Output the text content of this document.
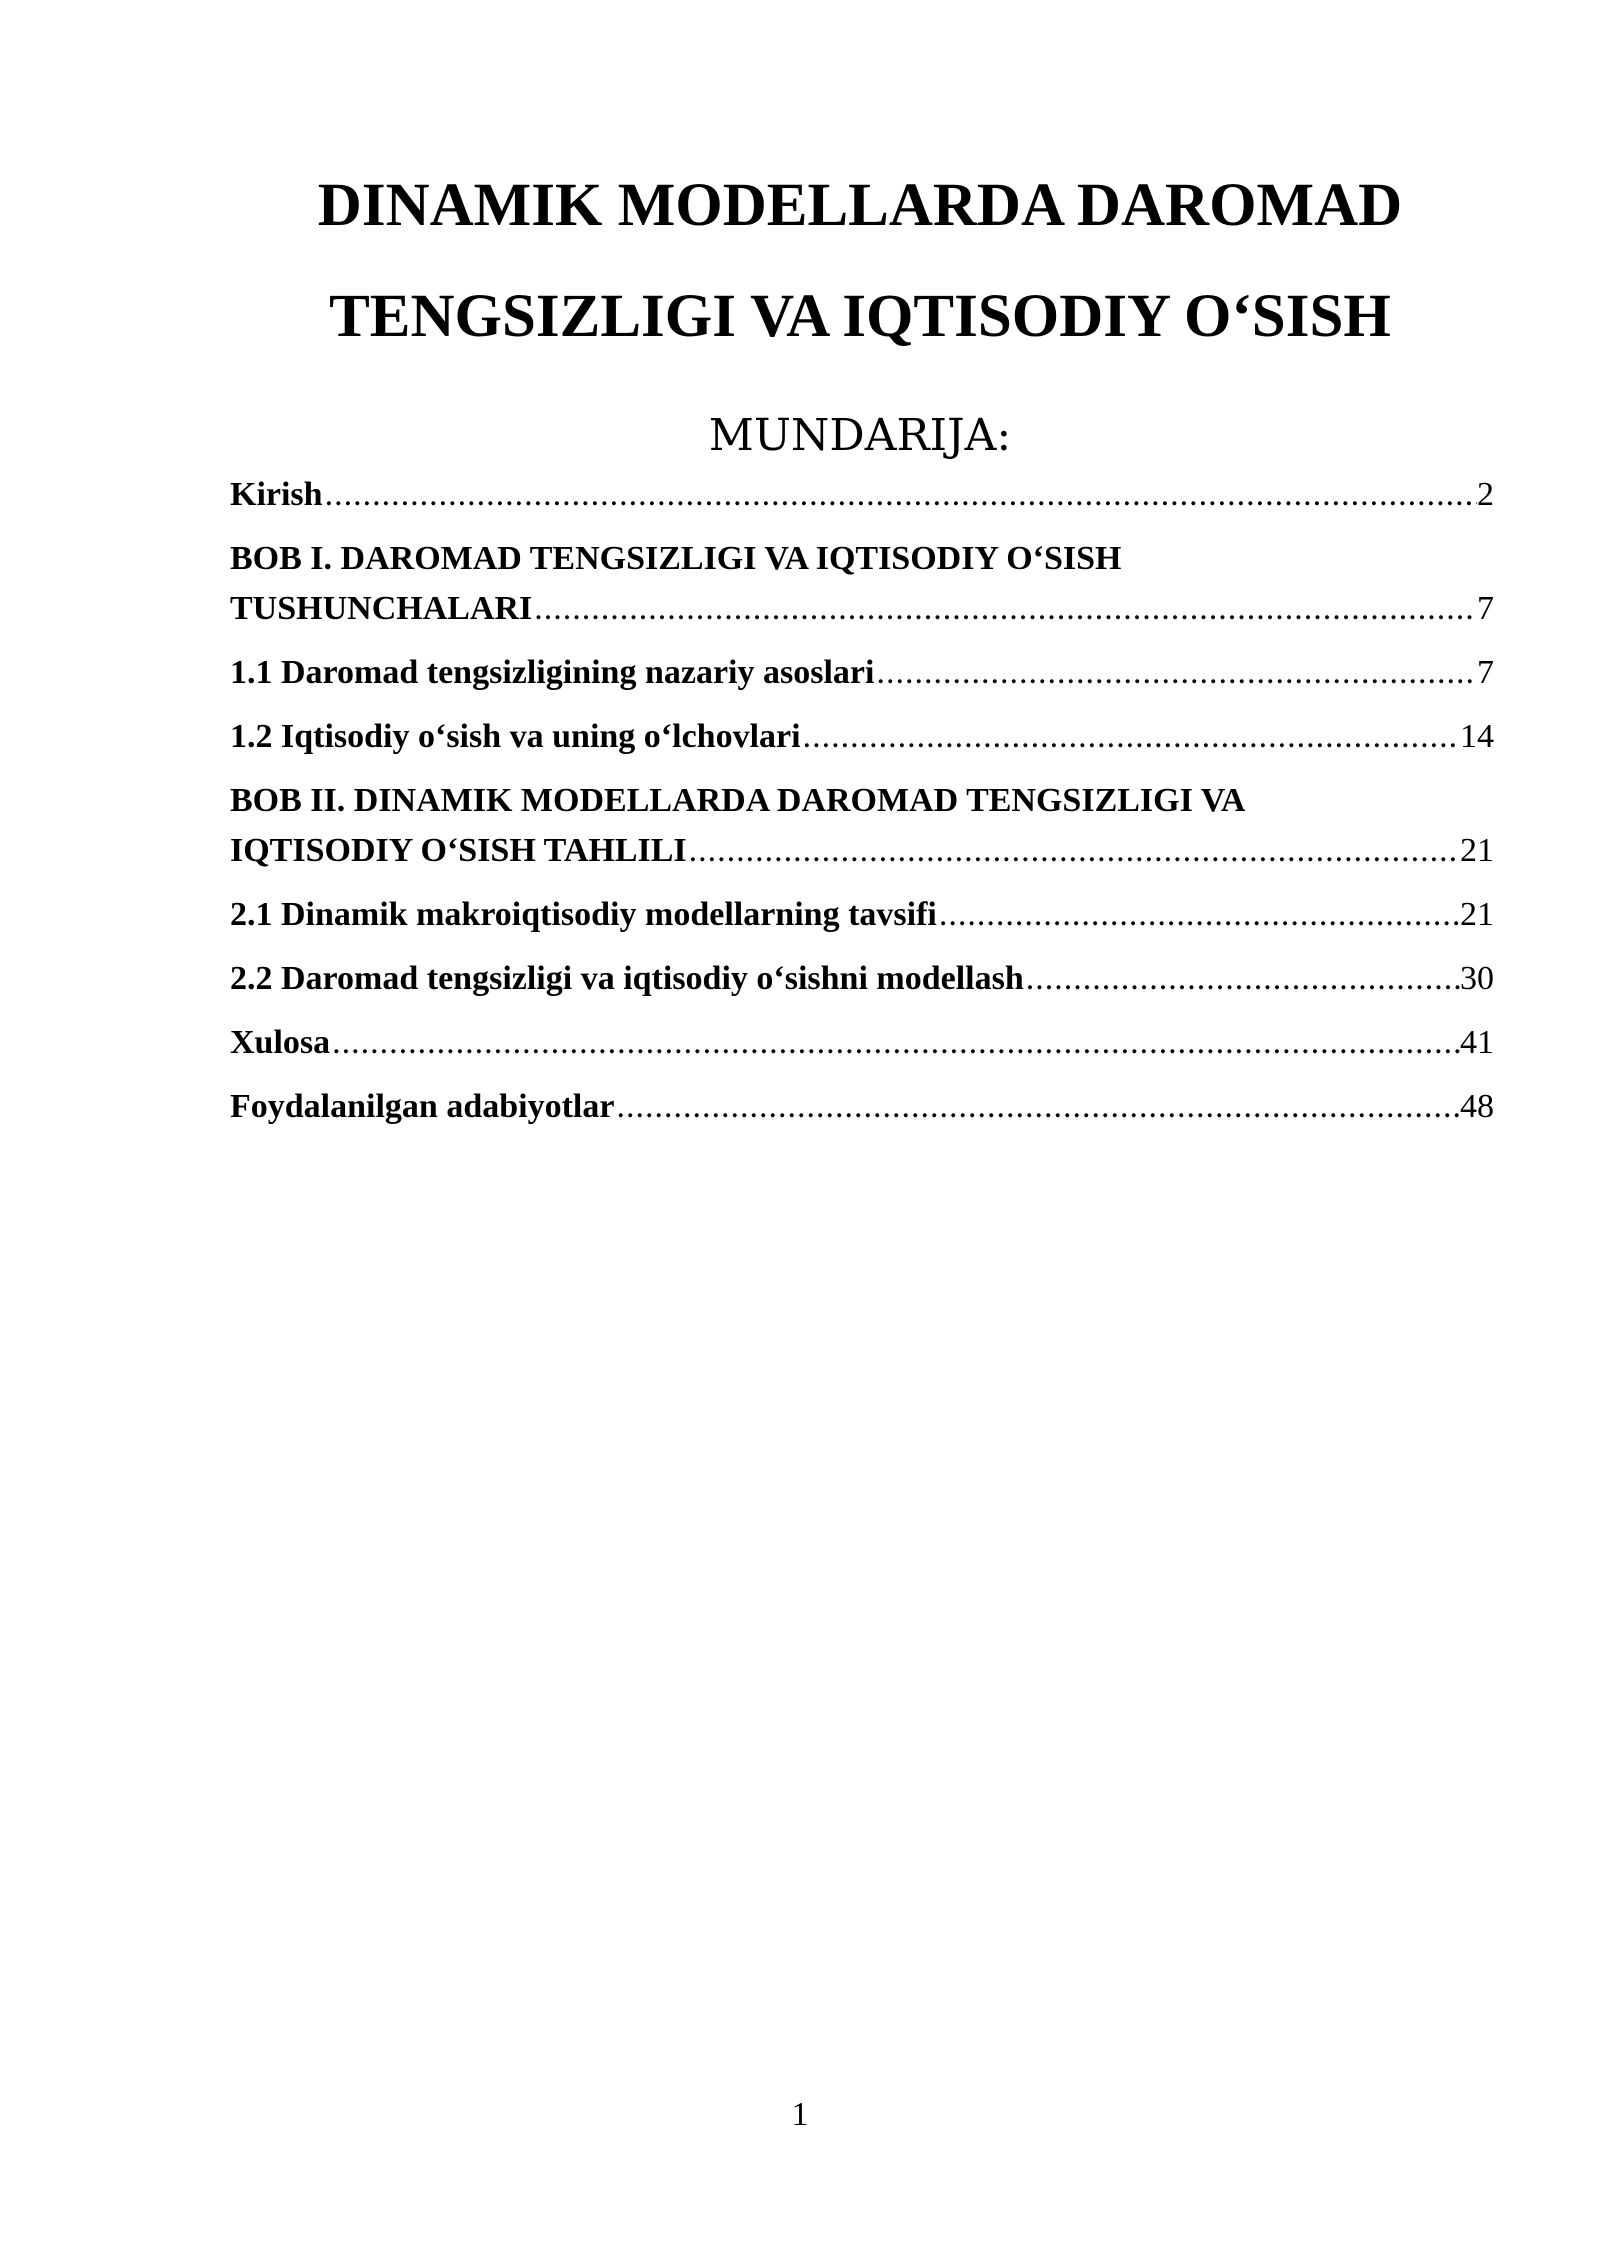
DINAMIK MODELLARDA DAROMAD
TENGSIZLIGI VA IQTISODIY O‘SISH
MUNDARIJA:
Kirish .....	2
BOB I. DAROMAD TENGSIZLIGI VA IQTISODIY O‘SISH
TUSHUNCHALARI .....	7
1.1 Daromad tengsizligining nazariy asoslari .....	7
1.2 Iqtisodiy o‘sish va uning o‘lchovlari .....	14
BOB II. DINAMIK MODELLARDA DAROMAD TENGSIZLIGI VA
IQTISODIY O‘SISH TAHLILI .....	21
2.1 Dinamik makroiqtisodiy modellarning tavsifi .....	21
2.2 Daromad tengsizligi va iqtisodiy o‘sishni modellash .....	30
Xulosa .....	41
Foydalanilgan adabiyotlar .....	48
1
